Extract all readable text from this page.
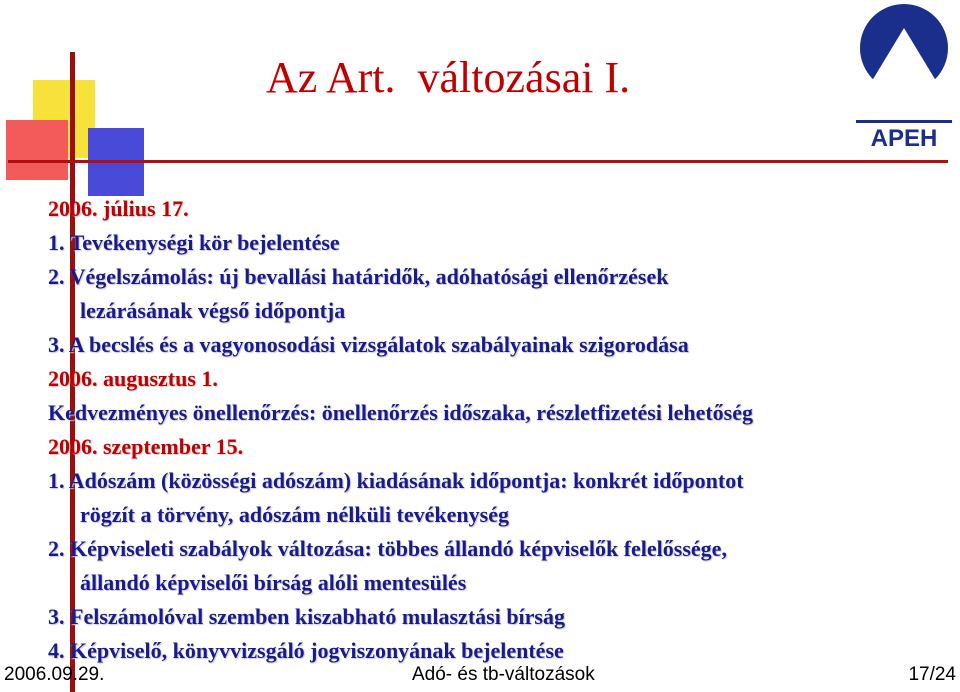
Az Art.  változásai I.
APEH
2006. július 17.
1. Tevékenységi kör bejelentése
2. Végelszámolás: új bevallási határidők, adóhatósági ellenőrzések
lezárásának végső időpontja
3. A becslés és a vagyonosodási vizsgálatok szabályainak szigorodása
2006. augusztus 1.
Kedvezményes önellenőrzés: önellenőrzés időszaka, részletfizetési lehetőség
2006. szeptember 15.
1. Adószám (közösségi adószám) kiadásának időpontja: konkrét időpontot
rögzít a törvény, adószám nélküli tevékenység
2. Képviseleti szabályok változása: többes állandó képviselők felelőssége,
állandó képviselői bírság alóli mentesülés
3. Felszámolóval szemben kiszabható mulasztási bírság
4. Képviselő, könyvvizsgáló jogviszonyának bejelentése
2006.09.29.	Adó- és tb-változások	17/24
